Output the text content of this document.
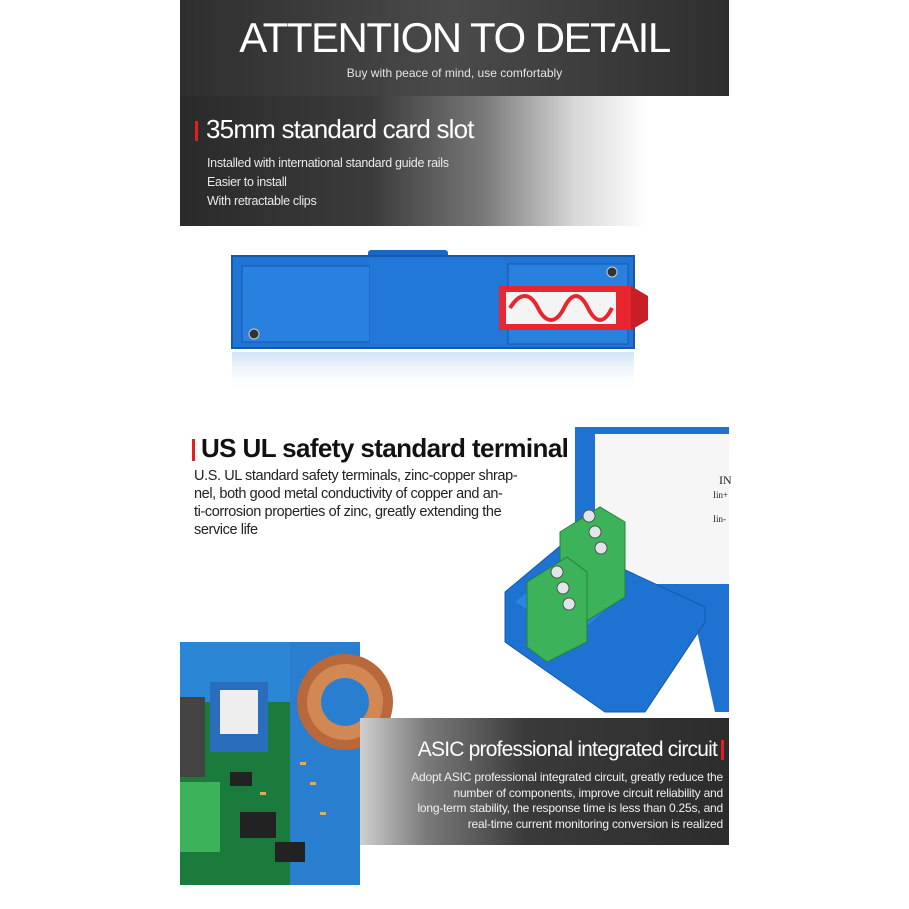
ATTENTION TO DETAIL
Buy with peace of mind, use comfortably
35mm standard card slot
Installed with international standard guide rails
Easier to install
With retractable clips
US UL safety standard terminal
U.S. UL standard safety terminals, zinc-copper shrap-
nel, both good metal conductivity of copper and an-
ti-corrosion properties of zinc, greatly extending the
service life
IN
Iin+
Iin-
ASIC professional integrated circuit
Adopt ASIC professional integrated circuit, greatly reduce the
number of components, improve circuit reliability and
long-term stability, the response time is less than 0.25s, and
real-time current monitoring conversion is realized
